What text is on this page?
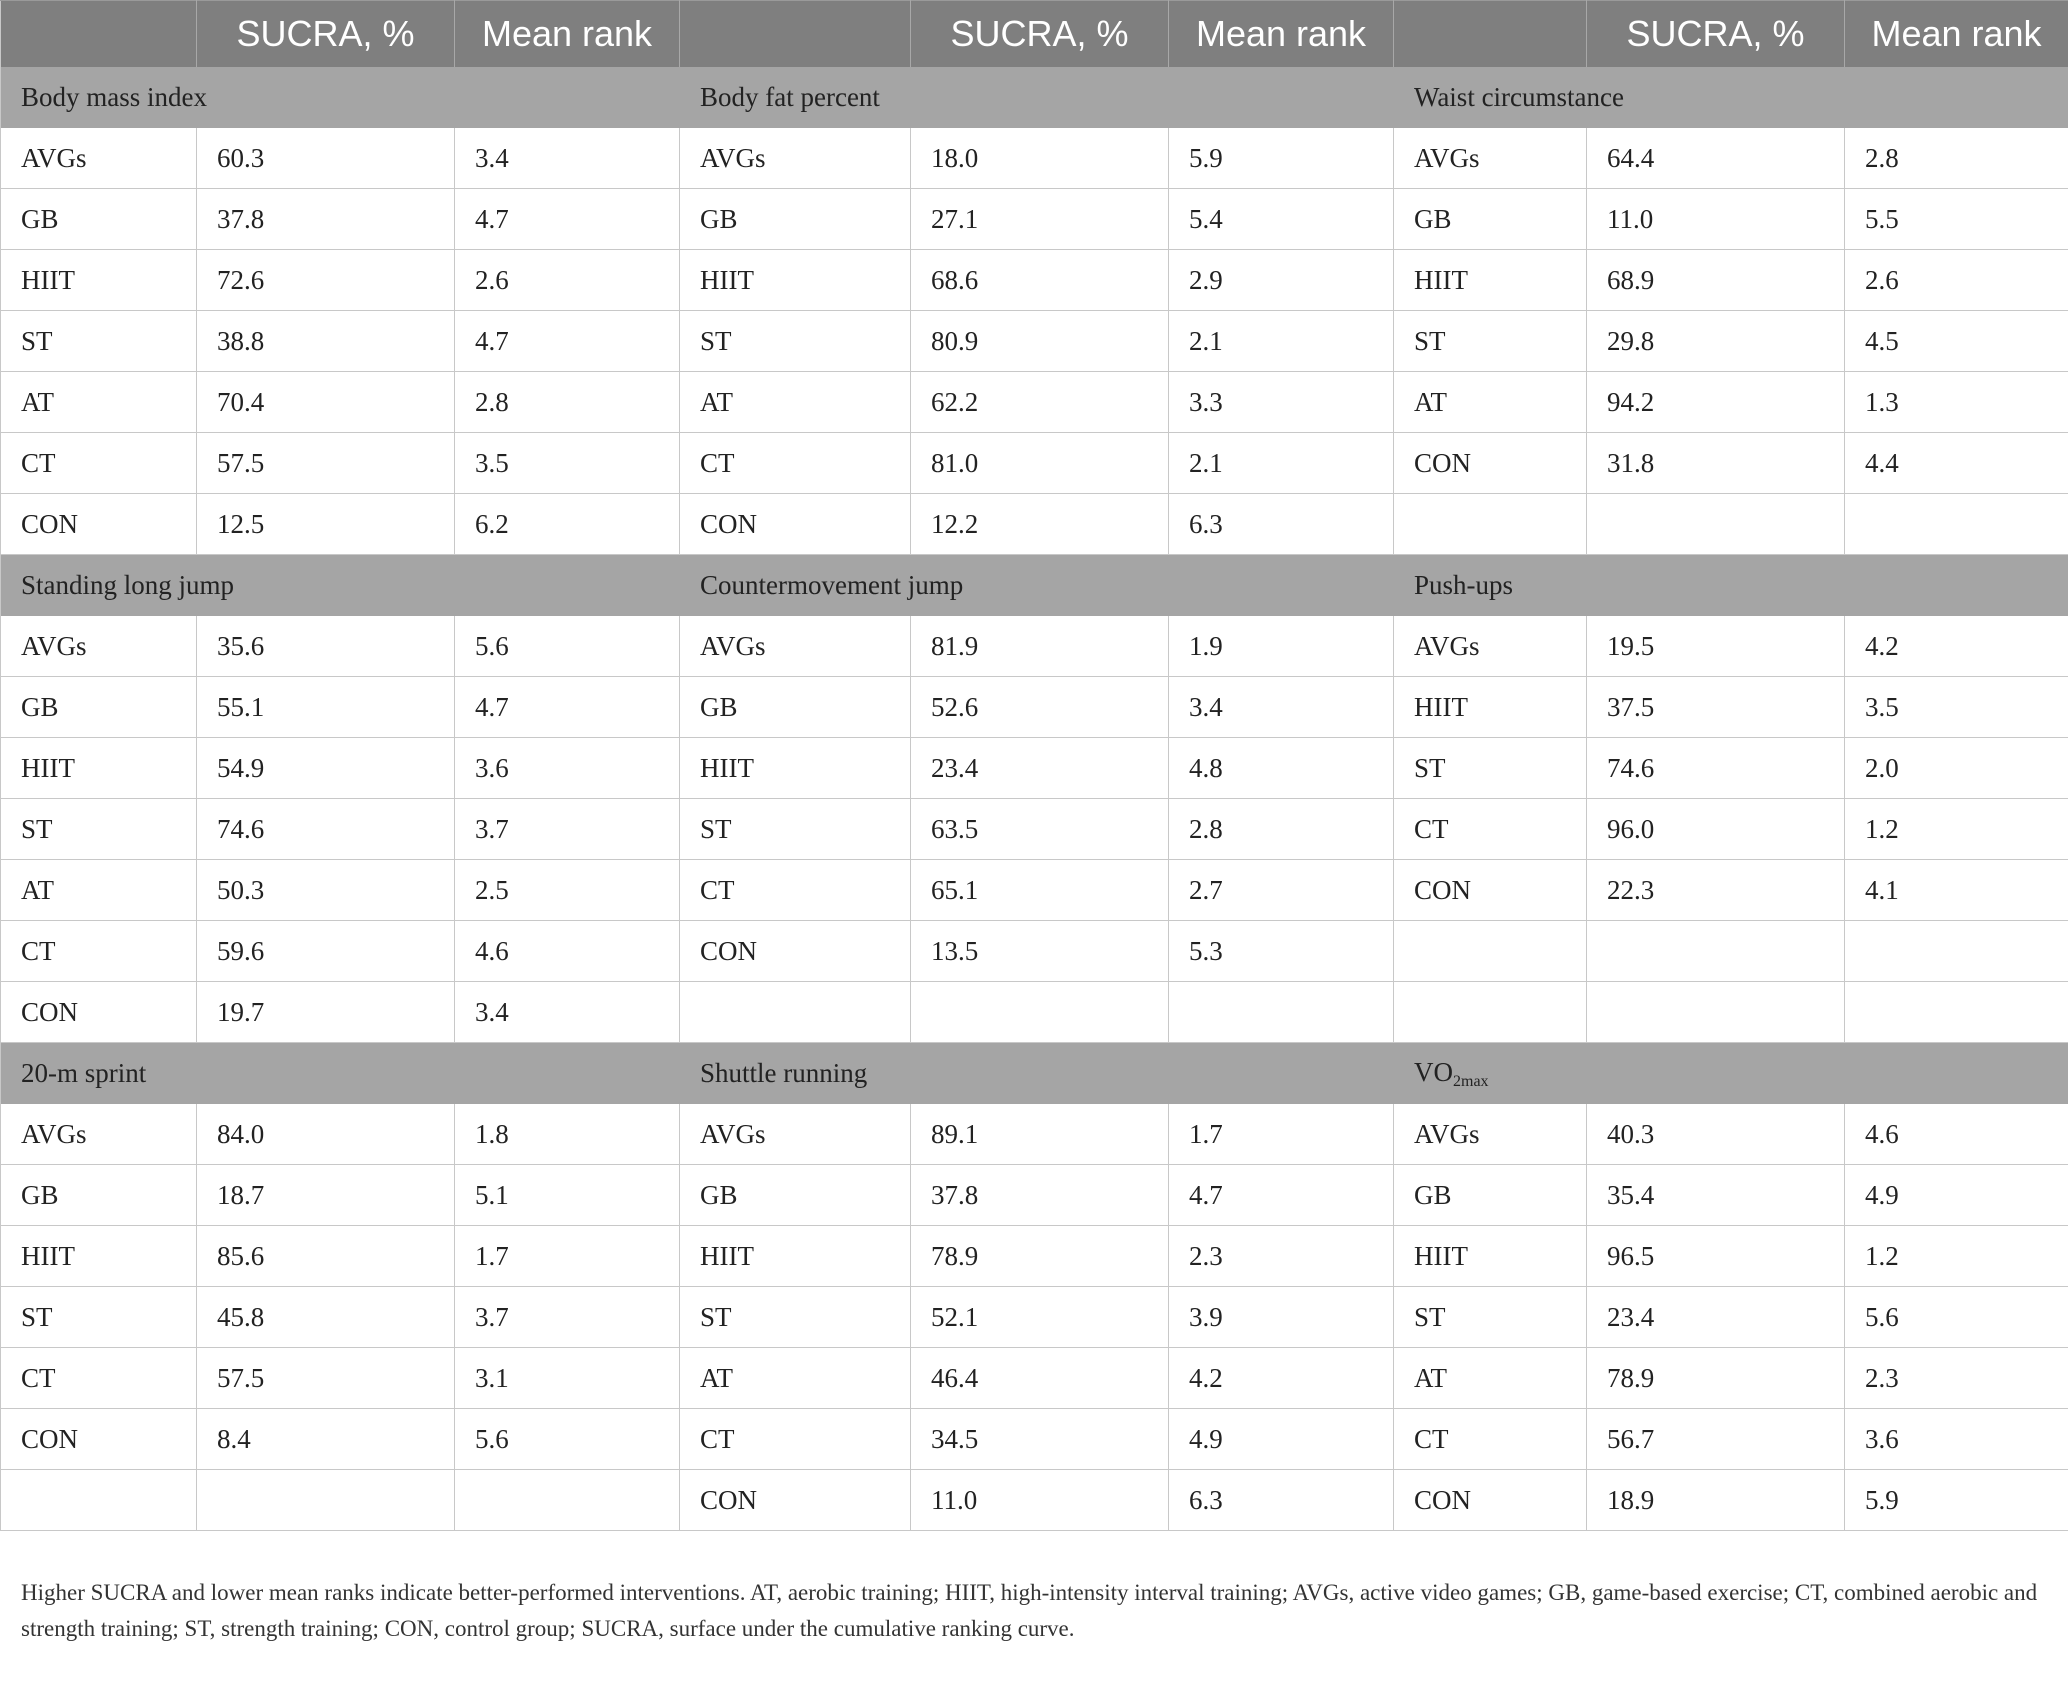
	SUCRA, %	Mean rank		SUCRA, %	Mean rank		SUCRA, %	Mean rank
Body mass index			Body fat percent			Waist circumstance		
AVGs	60.3	3.4	AVGs	18.0	5.9	AVGs	64.4	2.8
GB	37.8	4.7	GB	27.1	5.4	GB	11.0	5.5
HIIT	72.6	2.6	HIIT	68.6	2.9	HIIT	68.9	2.6
ST	38.8	4.7	ST	80.9	2.1	ST	29.8	4.5
AT	70.4	2.8	AT	62.2	3.3	AT	94.2	1.3
CT	57.5	3.5	CT	81.0	2.1	CON	31.8	4.4
CON	12.5	6.2	CON	12.2	6.3			
Standing long jump			Countermovement jump			Push-ups		
AVGs	35.6	5.6	AVGs	81.9	1.9	AVGs	19.5	4.2
GB	55.1	4.7	GB	52.6	3.4	HIIT	37.5	3.5
HIIT	54.9	3.6	HIIT	23.4	4.8	ST	74.6	2.0
ST	74.6	3.7	ST	63.5	2.8	CT	96.0	1.2
AT	50.3	2.5	CT	65.1	2.7	CON	22.3	4.1
CT	59.6	4.6	CON	13.5	5.3			
CON	19.7	3.4						
20-m sprint			Shuttle running			$VO_{2max}$
AVGs	84.0	1.8	AVGs	89.1	1.7	AVGs	40.3	4.6
GB	18.7	5.1	GB	37.8	4.7	GB	35.4	4.9
HIIT	85.6	1.7	HIIT	78.9	2.3	HIIT	96.5	1.2
ST	45.8	3.7	ST	52.1	3.9	ST	23.4	5.6
CT	57.5	3.1	AT	46.4	4.2	AT	78.9	2.3
CON	8.4	5.6	CT	34.5	4.9	CT	56.7	3.6
			CON	11.0	6.3	CON	18.9	5.9
Higher SUCRA and lower mean ranks indicate better-performed interventions. AT, aerobic training; HIIT, high-intensity interval training; AVGs, active video games; GB, game-based exercise; CT, combined aerobic and strength training; ST, strength training; CON, control group; SUCRA, surface under the cumulative ranking curve.
